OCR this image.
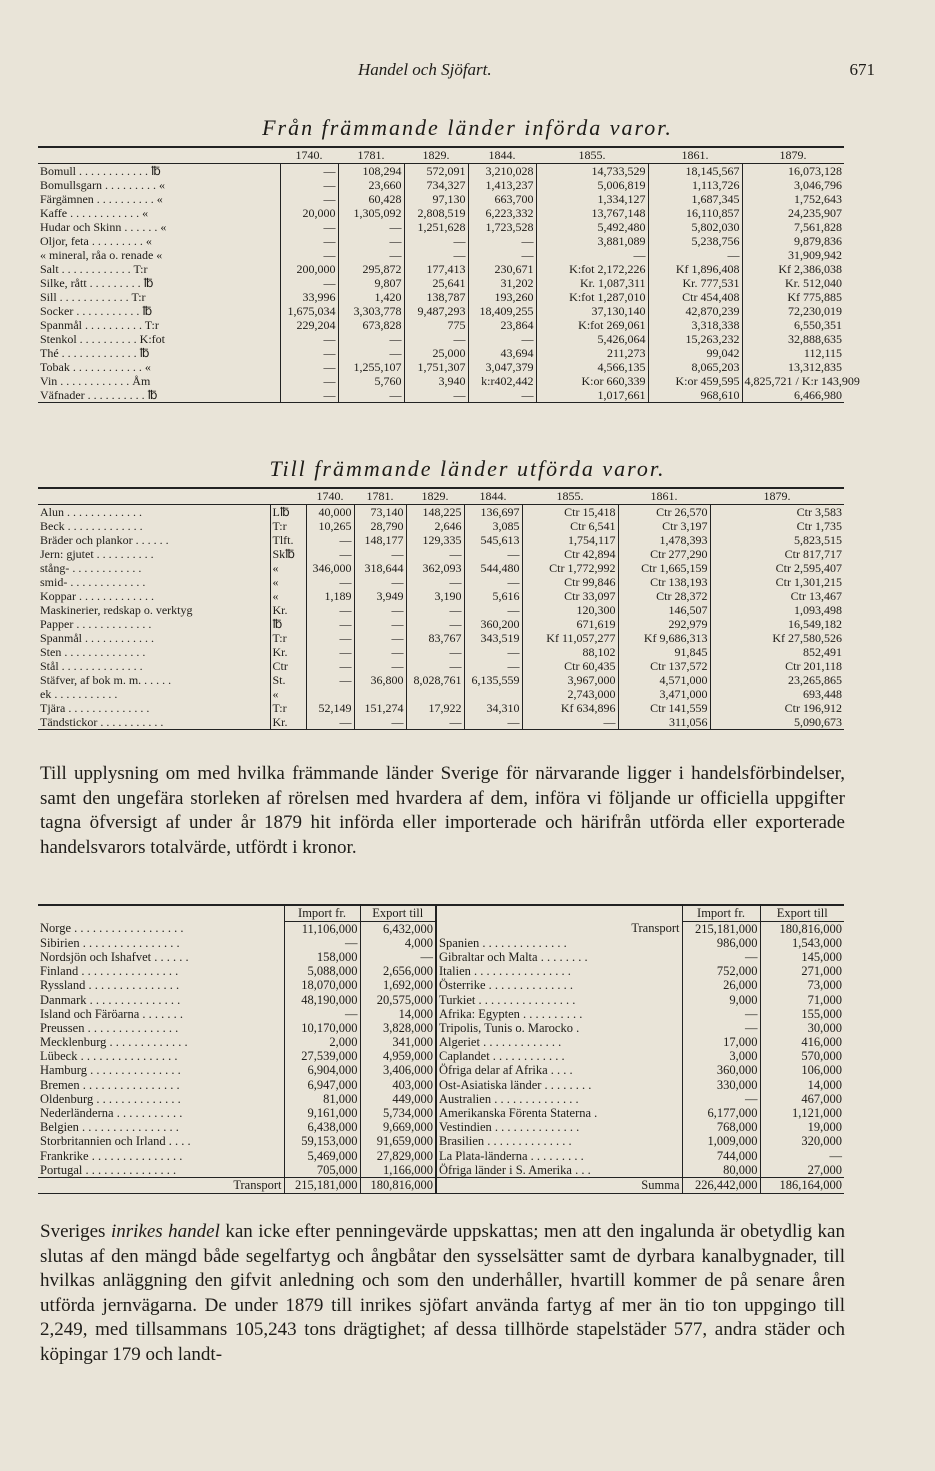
Handel och Sjöfart.	671
Från främmande länder införda varor.
	1740.	1781.	1829.	1844.	1855.	1861.	1879.
Bomull . . . . . . . . . . . . ℔	—	108,294	572,091	3,210,028	14,733,529	18,145,567	16,073,128
Bomullsgarn . . . . . . . . . «	—	23,660	734,327	1,413,237	5,006,819	1,113,726	3,046,796
Färgämnen . . . . . . . . . . «	—	60,428	97,130	663,700	1,334,127	1,687,345	1,752,643
Kaffe . . . . . . . . . . . . «	20,000	1,305,092	2,808,519	6,223,332	13,767,148	16,110,857	24,235,907
Hudar och Skinn . . . . . . «	—	—	1,251,628	1,723,528	5,492,480	5,802,030	7,561,828
Oljor, feta . . . . . . . . . «	—	—	—	—	3,881,089	5,238,756	9,879,836
« mineral, råa o. renade «	—	—	—	—	—	—	31,909,942
Salt . . . . . . . . . . . . T:r	200,000	295,872	177,413	230,671	K:fot 2,172,226	Kf 1,896,408	Kf 2,386,038
Silke, rått . . . . . . . . . ℔	—	9,807	25,641	31,202	Kr. 1,087,311	Kr. 777,531	Kr. 512,040
Sill . . . . . . . . . . . . T:r	33,996	1,420	138,787	193,260	K:fot 1,287,010	Ctr 454,408	Kf 775,885
Socker . . . . . . . . . . . ℔	1,675,034	3,303,778	9,487,293	18,409,255	37,130,140	42,870,239	72,230,019
Spanmål . . . . . . . . . . T:r	229,204	673,828	775	23,864	K:fot 269,061	3,318,338	6,550,351
Stenkol . . . . . . . . . . K:fot	—	—	—	—	5,426,064	15,263,232	32,888,635
Thé . . . . . . . . . . . . . ℔	—	—	25,000	43,694	211,273	99,042	112,115
Tobak . . . . . . . . . . . . «	—	1,255,107	1,751,307	3,047,379	4,566,135	8,065,203	13,312,835
Vin . . . . . . . . . . . . Åm	—	5,760	3,940	k:r402,442	K:or 660,339	K:or 459,595	4,825,721 / K:r 143,909
Väfnader . . . . . . . . . . ℔	—	—	—	—	1,017,661	968,610	6,466,980
Till främmande länder utförda varor.
		1740.	1781.	1829.	1844.	1855.	1861.	1879.
Alun . . . . . . . . . . . . .	L℔	40,000	73,140	148,225	136,697	Ctr 15,418	Ctr 26,570	Ctr 3,583
Beck . . . . . . . . . . . . .	T:r	10,265	28,790	2,646	3,085	Ctr 6,541	Ctr 3,197	Ctr 1,735
Bräder och plankor . . . . . .	Tlft.	—	148,177	129,335	545,613	1,754,117	1,478,393	5,823,515
Jern: gjutet . . . . . . . . . .	Sk℔	—	—	—	—	Ctr 42,894	Ctr 277,290	Ctr 817,717
stång- . . . . . . . . . . . .	«	346,000	318,644	362,093	544,480	Ctr 1,772,992	Ctr 1,665,159	Ctr 2,595,407
smid- . . . . . . . . . . . . .	«	—	—	—	—	Ctr 99,846	Ctr 138,193	Ctr 1,301,215
Koppar . . . . . . . . . . . . .	«	1,189	3,949	3,190	5,616	Ctr 33,097	Ctr 28,372	Ctr 13,467
Maskinerier, redskap o. verktyg	Kr.	—	—	—	—	120,300	146,507	1,093,498
Papper . . . . . . . . . . . . .	℔	—	—	—	360,200	671,619	292,979	16,549,182
Spanmål . . . . . . . . . . . .	T:r	—	—	83,767	343,519	Kf 11,057,277	Kf 9,686,313	Kf 27,580,526
Sten . . . . . . . . . . . . . .	Kr.	—	—	—	—	88,102	91,845	852,491
Stål . . . . . . . . . . . . . .	Ctr	—	—	—	—	Ctr 60,435	Ctr 137,572	Ctr 201,118
Stäfver, af bok m. m. . . . . .	St.	—	36,800	8,028,761	6,135,559	3,967,000	4,571,000	23,265,865
ek . . . . . . . . . . .	«					2,743,000	3,471,000	693,448
Tjära . . . . . . . . . . . . . .	T:r	52,149	151,274	17,922	34,310	Kf 634,896	Ctr 141,559	Ctr 196,912
Tändstickor . . . . . . . . . . .	Kr.	—	—	—	—	—	311,056	5,090,673
Till upplysning om med hvilka främmande länder Sverige för närvarande ligger i handelsförbindelser, samt den ungefära storleken af rörelsen med hvardera af dem, införa vi följande ur officiella uppgifter tagna öfversigt af under år 1879 hit införda eller importerade och härifrån utförda eller exporterade handelsvarors totalvärde, utfördt i kronor.
	Import fr.	Export till		Import fr.	Export till
Norge . . . . . . . . . . . . . . . . . .	11,106,000	6,432,000	Transport	215,181,000	180,816,000
Sibirien . . . . . . . . . . . . . . . .	—	4,000	Spanien . . . . . . . . . . . . . .	986,000	1,543,000
Nordsjön och Ishafvet . . . . . .	158,000	—	Gibraltar och Malta . . . . . . . .	—	145,000
Finland . . . . . . . . . . . . . . . .	5,088,000	2,656,000	Italien . . . . . . . . . . . . . . . .	752,000	271,000
Ryssland . . . . . . . . . . . . . . .	18,070,000	1,692,000	Österrike . . . . . . . . . . . . . .	26,000	73,000
Danmark . . . . . . . . . . . . . . .	48,190,000	20,575,000	Turkiet . . . . . . . . . . . . . . . .	9,000	71,000
Island och Färöarna . . . . . . .	—	14,000	Afrika: Egypten . . . . . . . . . .	—	155,000
Preussen . . . . . . . . . . . . . . .	10,170,000	3,828,000	Tripolis, Tunis o. Marocko .	—	30,000
Mecklenburg . . . . . . . . . . . . .	2,000	341,000	Algeriet . . . . . . . . . . . . .	17,000	416,000
Lübeck . . . . . . . . . . . . . . . .	27,539,000	4,959,000	Caplandet . . . . . . . . . . . .	3,000	570,000
Hamburg . . . . . . . . . . . . . . .	6,904,000	3,406,000	Öfriga delar af Afrika . . . .	360,000	106,000
Bremen . . . . . . . . . . . . . . . .	6,947,000	403,000	Ost-Asiatiska länder . . . . . . . .	330,000	14,000
Oldenburg . . . . . . . . . . . . . .	81,000	449,000	Australien . . . . . . . . . . . . . .	—	467,000
Nederländerna . . . . . . . . . . .	9,161,000	5,734,000	Amerikanska Förenta Staterna .	6,177,000	1,121,000
Belgien . . . . . . . . . . . . . . . .	6,438,000	9,669,000	Vestindien . . . . . . . . . . . . . .	768,000	19,000
Storbritannien och Irland . . . .	59,153,000	91,659,000	Brasilien . . . . . . . . . . . . . .	1,009,000	320,000
Frankrike . . . . . . . . . . . . . . .	5,469,000	27,829,000	La Plata-länderna . . . . . . . . .	744,000	—
Portugal . . . . . . . . . . . . . . .	705,000	1,166,000	Öfriga länder i S. Amerika . . .	80,000	27,000
Transport	215,181,000	180,816,000	Summa	226,442,000	186,164,000
Sveriges inrikes handel kan icke efter penningevärde uppskattas; men att den ingalunda är obetydlig kan slutas af den mängd både segelfartyg och ångbåtar den sysselsätter samt de dyrbara kanalbygnader, till hvilkas anläggning den gifvit anledning och som den underhåller, hvartill kommer de på senare åren utförda jernvägarna. De under 1879 till inrikes sjöfart använda fartyg af mer än tio ton uppgingo till 2,249, med tillsammans 105,243 tons drägtighet; af dessa tillhörde stapelstäder 577, andra städer och köpingar 179 och landt-
